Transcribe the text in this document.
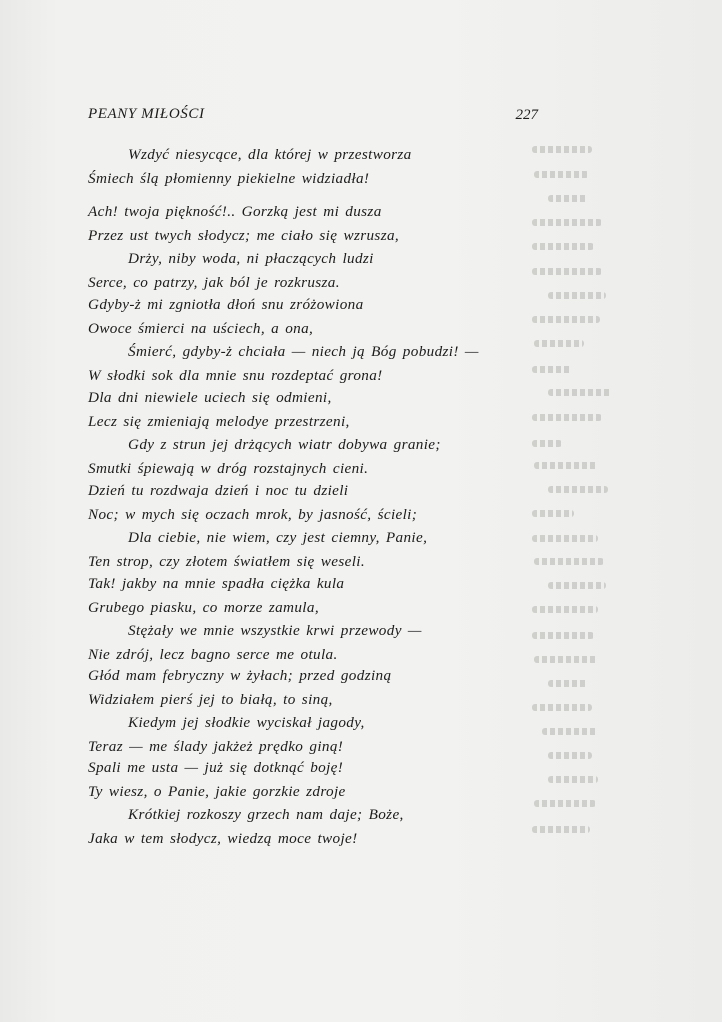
PEANY MIŁOŚCI	227
Wzdyć niesycące, dla której w przestworza
Śmiech ślą płomienny piekielne widziadła!
Ach! twoja piękność!.. Gorzką jest mi dusza
Przez ust twych słodycz; me ciało się wzrusza,
Drży, niby woda, ni płaczących ludzi
Serce, co patrzy, jak ból je rozkrusza.
Gdyby-ż mi zgniotła dłoń snu zróżowiona
Owoce śmierci na uściech, a ona,
Śmierć, gdyby-ż chciała — niech ją Bóg pobudzi! —
W słodki sok dla mnie snu rozdeptać grona!
Dla dni niewiele uciech się odmieni,
Lecz się zmieniają melodye przestrzeni,
Gdy z strun jej drżących wiatr dobywa granie;
Smutki śpiewają w dróg rozstajnych cieni.
Dzień tu rozdwaja dzień i noc tu dzieli
Noc; w mych się oczach mrok, by jasność, ścieli;
Dla ciebie, nie wiem, czy jest ciemny, Panie,
Ten strop, czy złotem światłem się weseli.
Tak! jakby na mnie spadła ciężka kula
Grubego piasku, co morze zamula,
Stężały we mnie wszystkie krwi przewody —
Nie zdrój, lecz bagno serce me otula.
Głód mam febryczny w żyłach; przed godziną
Widziałem pierś jej to białą, to siną,
Kiedym jej słodkie wyciskał jagody,
Teraz — me ślady jakżeż prędko giną!
Spali me usta — już się dotknąć boję!
Ty wiesz, o Panie, jakie gorzkie zdroje
Krótkiej rozkoszy grzech nam daje; Boże,
Jaka w tem słodycz, wiedzą moce twoje!
